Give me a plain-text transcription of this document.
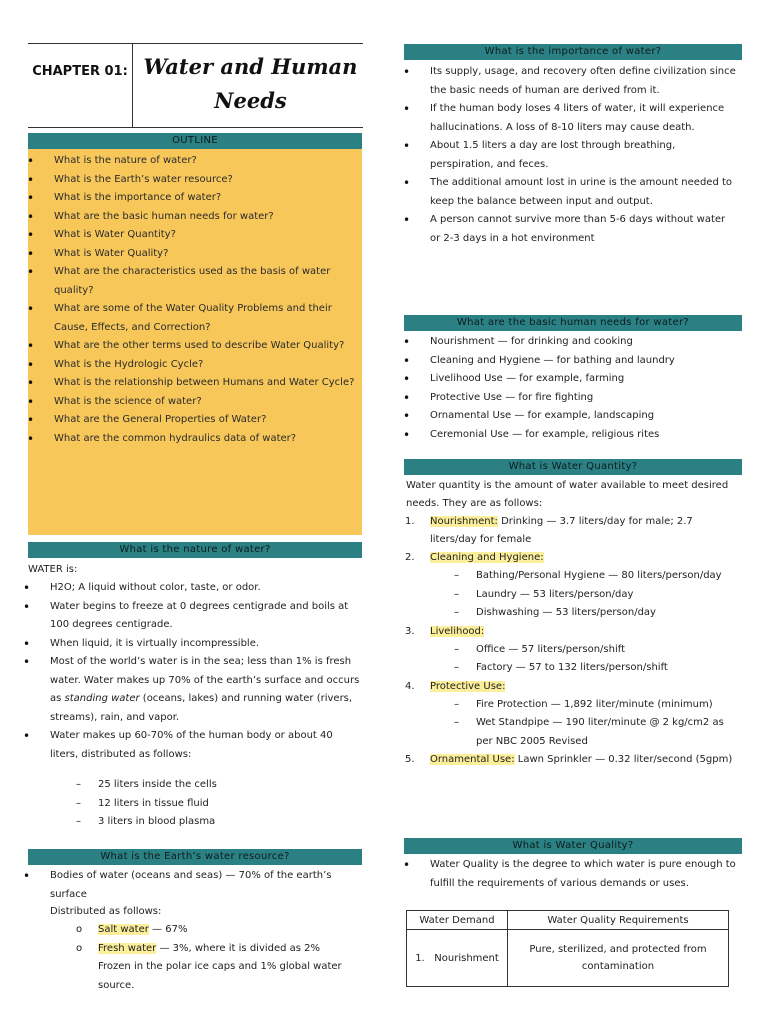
CHAPTER 01: Water and Human Needs
OUTLINE
• What is the nature of water?
• What is the Earth’s water resource?
• What is the importance of water?
• What are the basic human needs for water?
• What is Water Quantity?
• What is Water Quality?
• What are the characteristics used as the basis of water quality?
• What are some of the Water Quality Problems and their Cause, Effects, and Correction?
• What are the other terms used to describe Water Quality?
• What is the Hydrologic Cycle?
• What is the relationship between Humans and Water Cycle?
• What is the science of water?
• What are the General Properties of Water?
• What are the common hydraulics data of water?
What is the nature of water?
WATER is:
• H2O; A liquid without color, taste, or odor.
• Water begins to freeze at 0 degrees centigrade and boils at 100 degrees centigrade.
• When liquid, it is virtually incompressible.
• Most of the world’s water is in the sea; less than 1% is fresh water. Water makes up 70% of the earth’s surface and occurs as standing water (oceans, lakes) and running water (rivers, streams), rain, and vapor.
• Water makes up 60-70% of the human body or about 40 liters, distributed as follows:
– 25 liters inside the cells
– 12 liters in tissue fluid
– 3 liters in blood plasma
What is the Earth’s water resource?
• Bodies of water (oceans and seas) — 70% of the earth’s surface
Distributed as follows:
o Salt water — 67%
o Fresh water — 3%, where it is divided as 2% Frozen in the polar ice caps and 1% global water source.
What is the importance of water?
• Its supply, usage, and recovery often define civilization since the basic needs of human are derived from it.
• If the human body loses 4 liters of water, it will experience hallucinations. A loss of 8-10 liters may cause death.
• About 1.5 liters a day are lost through breathing, perspiration, and feces.
• The additional amount lost in urine is the amount needed to keep the balance between input and output.
• A person cannot survive more than 5-6 days without water or 2-3 days in a hot environment
What are the basic human needs for water?
• Nourishment — for drinking and cooking
• Cleaning and Hygiene — for bathing and laundry
• Livelihood Use — for example, farming
• Protective Use — for fire fighting
• Ornamental Use — for example, landscaping
• Ceremonial Use — for example, religious rites
What is Water Quantity?
Water quantity is the amount of water available to meet desired needs. They are as follows:
1. Nourishment: Drinking — 3.7 liters/day for male; 2.7 liters/day for female
2. Cleaning and Hygiene:
– Bathing/Personal Hygiene — 80 liters/person/day
– Laundry — 53 liters/person/day
– Dishwashing — 53 liters/person/day
3. Livelihood:
– Office — 57 liters/person/shift
– Factory — 57 to 132 liters/person/shift
4. Protective Use:
– Fire Protection — 1,892 liter/minute (minimum)
– Wet Standpipe — 190 liter/minute @ 2 kg/cm2 as per NBC 2005 Revised
5. Ornamental Use: Lawn Sprinkler — 0.32 liter/second (5gpm)
What is Water Quality?
• Water Quality is the degree to which water is pure enough to fulfill the requirements of various demands or uses.
Water Demand	Water Quality Requirements
1. Nourishment	Pure, sterilized, and protected from contamination
